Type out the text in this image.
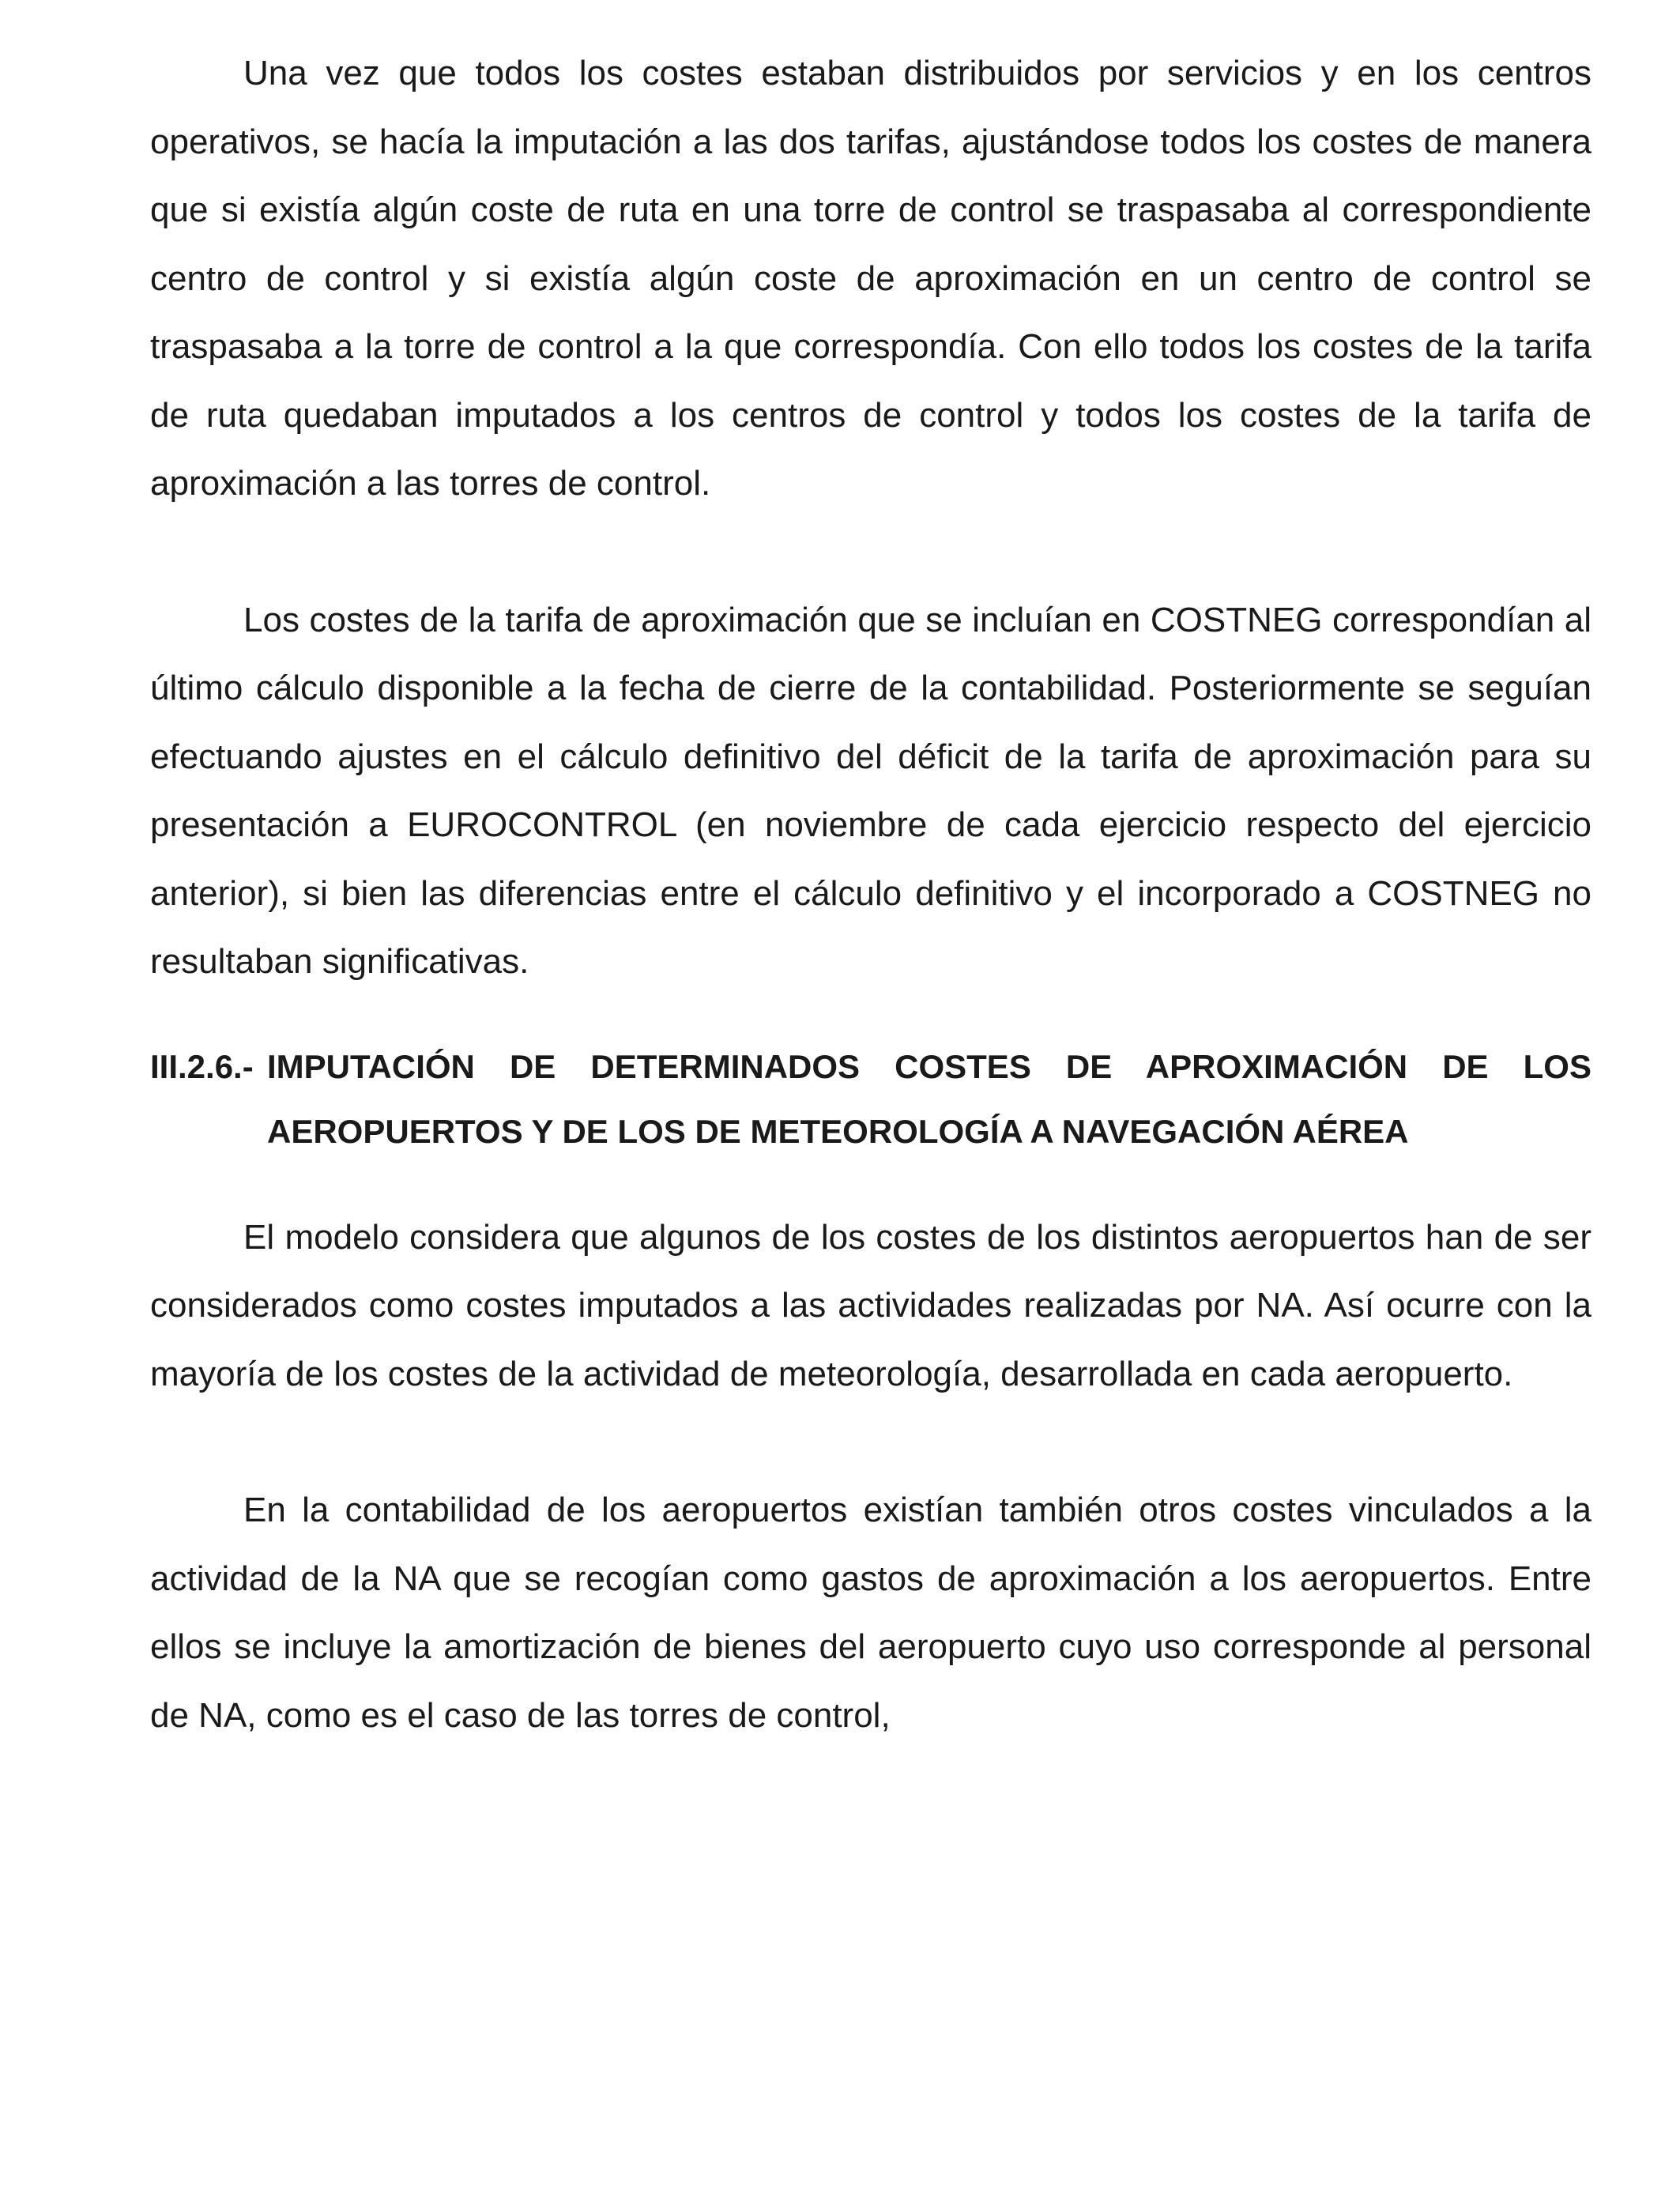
Una vez que todos los costes estaban distribuidos por servicios y en los centros operativos, se hacía la imputación a las dos tarifas, ajustándose todos los costes de manera que si existía algún coste de ruta en una torre de control se traspasaba al correspondiente centro de control y si existía algún coste de aproximación en un centro de control se traspasaba a la torre de control a la que correspondía. Con ello todos los costes de la tarifa de ruta quedaban imputados a los centros de control y todos los costes de la tarifa de aproximación a las torres de control.

Los costes de la tarifa de aproximación que se incluían en COSTNEG correspondían al último cálculo disponible a la fecha de cierre de la contabilidad. Posteriormente se seguían efectuando ajustes en el cálculo definitivo del déficit de la tarifa de aproximación para su presentación a EUROCONTROL (en noviembre de cada ejercicio respecto del ejercicio anterior), si bien las diferencias entre el cálculo definitivo y el incorporado a COSTNEG no resultaban significativas.

III.2.6.- IMPUTACIÓN DE DETERMINADOS COSTES DE APROXIMACIÓN DE LOS AEROPUERTOS Y DE LOS DE METEOROLOGÍA A NAVEGACIÓN AÉREA

El modelo considera que algunos de los costes de los distintos aeropuertos han de ser considerados como costes imputados a las actividades realizadas por NA. Así ocurre con la mayoría de los costes de la actividad de meteorología, desarrollada en cada aeropuerto.

En la contabilidad de los aeropuertos existían también otros costes vinculados a la actividad de la NA que se recogían como gastos de aproximación a los aeropuertos. Entre ellos se incluye la amortización de bienes del aeropuerto cuyo uso corresponde al personal de NA, como es el caso de las torres de control,
